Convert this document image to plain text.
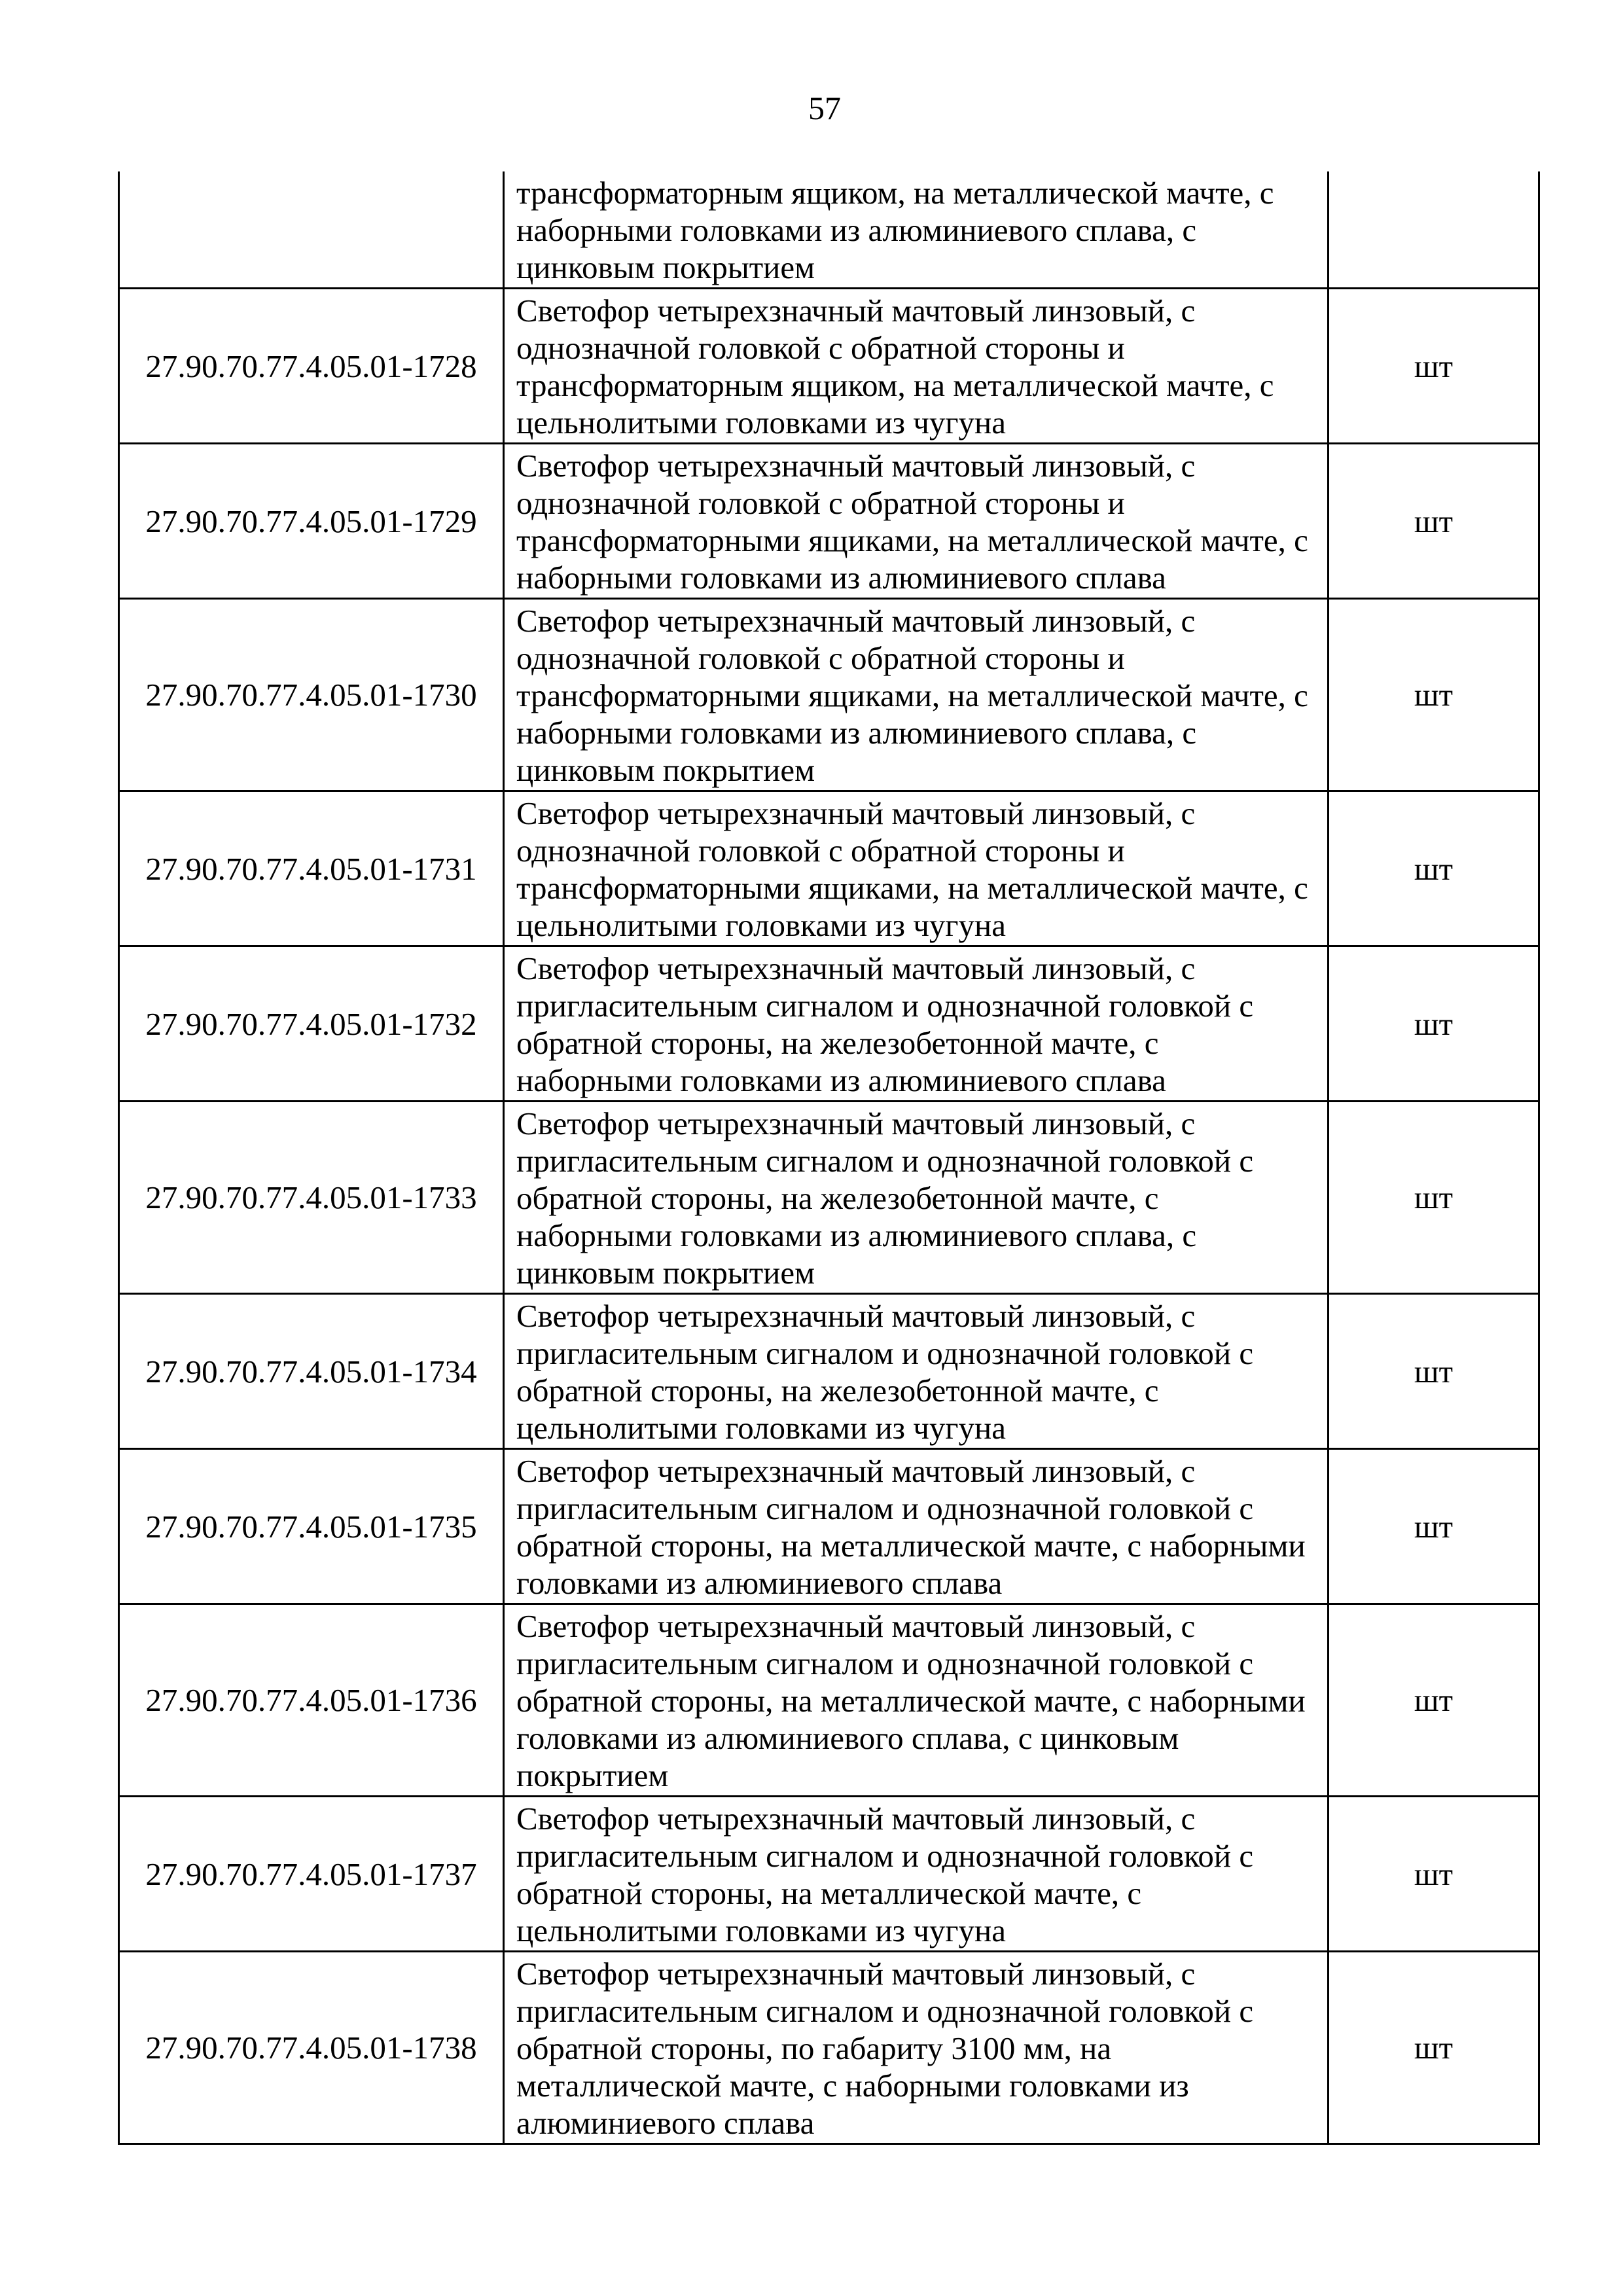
57
	трансформаторным ящиком, на металлической мачте, с наборными головками из алюминиевого сплава, с цинковым покрытием	
27.90.70.77.4.05.01-1728	Светофор четырехзначный мачтовый линзовый, с однозначной головкой с обратной стороны и трансформаторным ящиком, на металлической мачте, с цельнолитыми головками из чугуна	шт
27.90.70.77.4.05.01-1729	Светофор четырехзначный мачтовый линзовый, с однозначной головкой с обратной стороны и трансформаторными ящиками, на металлической мачте, с наборными головками из алюминиевого сплава	шт
27.90.70.77.4.05.01-1730	Светофор четырехзначный мачтовый линзовый, с однозначной головкой с обратной стороны и трансформаторными ящиками, на металлической мачте, с наборными головками из алюминиевого сплава, с цинковым покрытием	шт
27.90.70.77.4.05.01-1731	Светофор четырехзначный мачтовый линзовый, с однозначной головкой с обратной стороны и трансформаторными ящиками, на металлической мачте, с цельнолитыми головками из чугуна	шт
27.90.70.77.4.05.01-1732	Светофор четырехзначный мачтовый линзовый, с пригласительным сигналом и однозначной головкой с обратной стороны, на железобетонной мачте, с наборными головками из алюминиевого сплава	шт
27.90.70.77.4.05.01-1733	Светофор четырехзначный мачтовый линзовый, с пригласительным сигналом и однозначной головкой с обратной стороны, на железобетонной мачте, с наборными головками из алюминиевого сплава, с цинковым покрытием	шт
27.90.70.77.4.05.01-1734	Светофор четырехзначный мачтовый линзовый, с пригласительным сигналом и однозначной головкой с обратной стороны, на железобетонной мачте, с цельнолитыми головками из чугуна	шт
27.90.70.77.4.05.01-1735	Светофор четырехзначный мачтовый линзовый, с пригласительным сигналом и однозначной головкой с обратной стороны, на металлической мачте, с наборными головками из алюминиевого сплава	шт
27.90.70.77.4.05.01-1736	Светофор четырехзначный мачтовый линзовый, с пригласительным сигналом и однозначной головкой с обратной стороны, на металлической мачте, с наборными головками из алюминиевого сплава, с цинковым покрытием	шт
27.90.70.77.4.05.01-1737	Светофор четырехзначный мачтовый линзовый, с пригласительным сигналом и однозначной головкой с обратной стороны, на металлической мачте, с цельнолитыми головками из чугуна	шт
27.90.70.77.4.05.01-1738	Светофор четырехзначный мачтовый линзовый, с пригласительным сигналом и однозначной головкой с обратной стороны, по габариту 3100 мм, на металлической мачте, с наборными головками из алюминиевого сплава	шт
